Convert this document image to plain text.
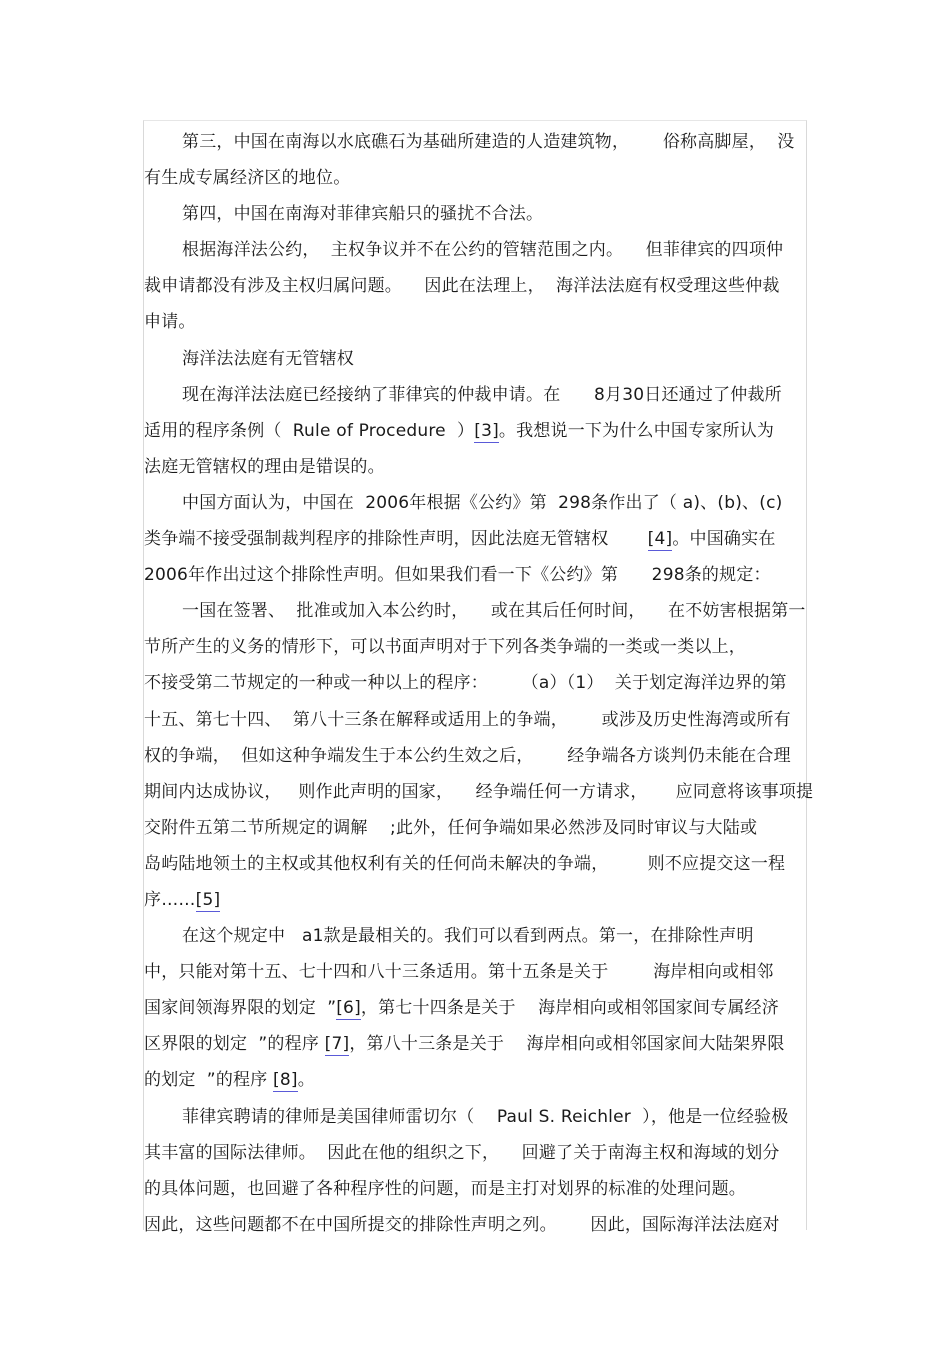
第三，中国在南海以水底礁石为基础所建造的人造建筑物，      俗称高脚屋，  没
有生成专属经济区的地位。
第四，中国在南海对菲律宾船只的骚扰不合法。
根据海洋法公约，  主权争议并不在公约的管辖范围之内。    但菲律宾的四项仲
裁申请都没有涉及主权归属问题。    因此在法理上，  海洋法法庭有权受理这些仲裁
申请。
海洋法法庭有无管辖权
现在海洋法法庭已经接纳了菲律宾的仲裁申请。在      8月30日还通过了仲裁所
适用的程序条例（  Rule of Procedure  ）[3]。我想说一下为什么中国专家所认为
法庭无管辖权的理由是错误的。
中国方面认为，中国在  2006年根据《公约》第  298条作出了（ a)、(b)、(c)
类争端不接受强制裁判程序的排除性声明，因此法庭无管辖权       [4]。中国确实在
2006年作出过这个排除性声明。但如果我们看一下《公约》第      298条的规定：
一国在签署、  批准或加入本公约时，    或在其后任何时间，    在不妨害根据第一
节所产生的义务的情形下，可以书面声明对于下列各类争端的一类或一类以上，
不接受第二节规定的一种或一种以上的程序：      （a）（1）  关于划定海洋边界的第
十五、第七十四、  第八十三条在解释或适用上的争端，      或涉及历史性海湾或所有
权的争端，  但如这种争端发生于本公约生效之后，      经争端各方谈判仍未能在合理
期间内达成协议，   则作此声明的国家，    经争端任何一方请求，     应同意将该事项提
交附件五第二节所规定的调解    ;此外，任何争端如果必然涉及同时审议与大陆或
岛屿陆地领土的主权或其他权利有关的任何尚未解决的争端，       则不应提交这一程
序……[5]
在这个规定中   a1款是最相关的。我们可以看到两点。第一，在排除性声明
中，只能对第十五、七十四和八十三条适用。第十五条是关于        海岸相向或相邻
国家间领海界限的划定  ”[6]，第七十四条是关于    海岸相向或相邻国家间专属经济
区界限的划定  ”的程序 [7]，第八十三条是关于    海岸相向或相邻国家间大陆架界限
的划定  ”的程序 [8]。
菲律宾聘请的律师是美国律师雷切尔（    Paul S. Reichler  ），他是一位经验极
其丰富的国际法律师。  因此在他的组织之下，    回避了关于南海主权和海域的划分
的具体问题，也回避了各种程序性的问题，而是主打对划界的标准的处理问题。
因此，这些问题都不在中国所提交的排除性声明之列。      因此，国际海洋法法庭对
